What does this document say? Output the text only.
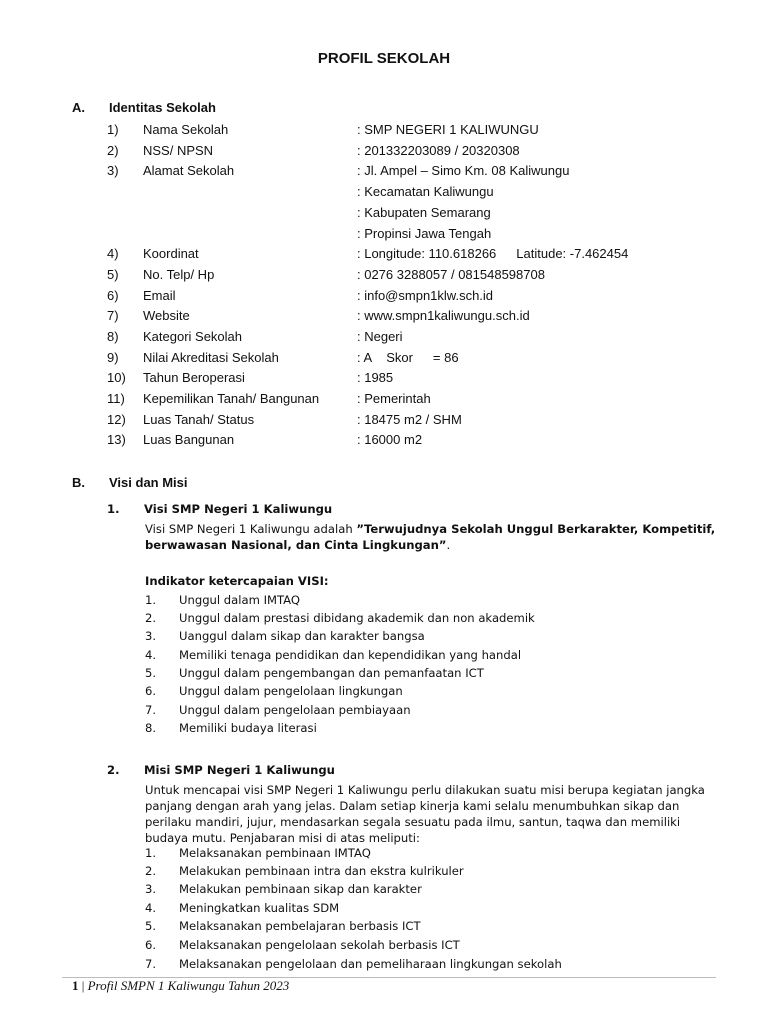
PROFIL SEKOLAH
A. Identitas Sekolah
1) Nama Sekolah	: SMP NEGERI 1 KALIWUNGU
2) NSS/ NPSN	: 201332203089 / 20320308
3) Alamat Sekolah	: Jl. Ampel – Simo Km. 08 Kaliwungu
: Kecamatan Kaliwungu
: Kabupaten Semarang
: Propinsi Jawa Tengah
4) Koordinat	: Longitude: 110.618266 Latitude: -7.462454
5) No. Telp/ Hp	: 0276 3288057 / 081548598708
6) Email	: info@smpn1klw.sch.id
7) Website	: www.smpn1kaliwungu.sch.id
8) Kategori Sekolah	: Negeri
9) Nilai Akreditasi Sekolah	: A Skor = 86
10) Tahun Beroperasi	: 1985
11) Kepemilikan Tanah/ Bangunan	: Pemerintah
12) Luas Tanah/ Status	: 18475 m2 / SHM
13) Luas Bangunan	: 16000 m2
B. Visi dan Misi
1. Visi SMP Negeri 1 Kaliwungu

Visi SMP Negeri 1 Kaliwungu adalah ”Terwujudnya Sekolah Unggul Berkarakter, Kompetitif, berwawasan Nasional, dan Cinta Lingkungan”.

Indikator ketercapaian VISI:
1. Unggul dalam IMTAQ
2. Unggul dalam prestasi dibidang akademik dan non akademik
3. Uanggul dalam sikap dan karakter bangsa
4. Memiliki tenaga pendidikan dan kependidikan yang handal
5. Unggul dalam pengembangan dan pemanfaatan ICT
6. Unggul dalam pengelolaan lingkungan
7. Unggul dalam pengelolaan pembiayaan
8. Memiliki budaya literasi
2. Misi SMP Negeri 1 Kaliwungu

Untuk mencapai visi SMP Negeri 1 Kaliwungu perlu dilakukan suatu misi berupa kegiatan jangka panjang dengan arah yang jelas. Dalam setiap kinerja kami selalu menumbuhkan sikap dan perilaku mandiri, jujur, mendasarkan segala sesuatu pada ilmu, santun, taqwa dan memiliki budaya mutu. Penjabaran misi di atas meliputi:

1. Melaksanakan pembinaan IMTAQ
2. Melakukan pembinaan intra dan ekstra kulrikuler
3. Melakukan pembinaan sikap dan karakter
4. Meningkatkan kualitas SDM
5. Melaksanakan pembelajaran berbasis ICT
6. Melaksanakan pengelolaan sekolah berbasis ICT
7. Melaksanakan pengelolaan dan pemeliharaan lingkungan sekolah
1 | Profil SMPN 1 Kaliwungu Tahun 2023
